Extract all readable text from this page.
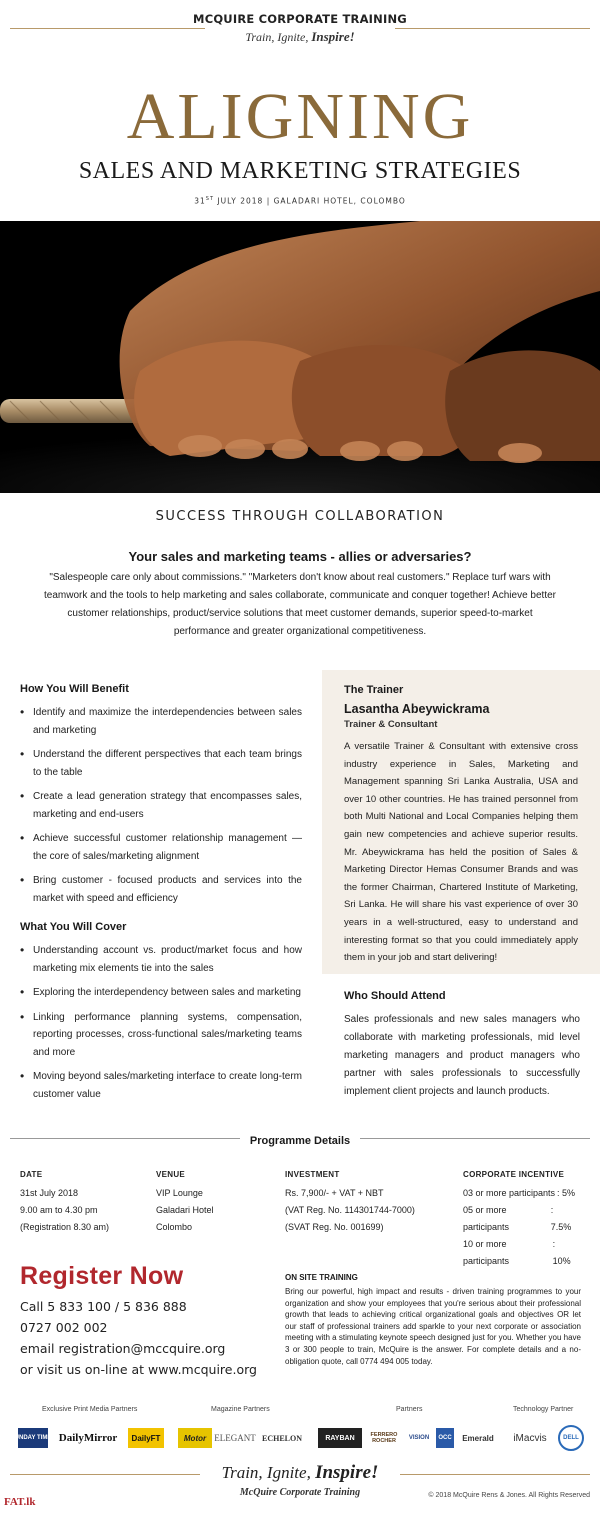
MCQUIRE CORPORATE TRAINING
Train, Ignite, Inspire!
ALIGNING
SALES AND MARKETING STRATEGIES
31ST JULY 2018 | GALADARI HOTEL, COLOMBO
SUCCESS THROUGH COLLABORATION
Your sales and marketing teams - allies or adversaries?
"Salespeople care only about commissions." "Marketers don't know about real customers." Replace turf wars with teamwork and the tools to help marketing and sales collaborate, communicate and conquer together! Achieve better customer relationships, product/service solutions that meet customer demands, superior speed-to-market performance and greater organizational competitiveness.
How You Will Benefit
• Identify and maximize the interdependencies between sales and marketing
• Understand the different perspectives that each team brings to the table
• Create a lead generation strategy that encompasses sales, marketing and end-users
• Achieve successful customer relationship management — the core of sales/marketing alignment
• Bring customer - focused products and services into the market with speed and efficiency
What You Will Cover
• Understanding account vs. product/market focus and how marketing mix elements tie into the sales
• Exploring the interdependency between sales and marketing
• Linking performance planning systems, compensation, reporting processes, cross-functional sales/marketing teams and more
• Moving beyond sales/marketing interface to create long-term customer value
The Trainer
Lasantha Abeywickrama
Trainer & Consultant
A versatile Trainer & Consultant with extensive cross industry experience in Sales, Marketing and Management spanning Sri Lanka Australia, USA and over 10 other countries. He has trained personnel from both Multi National and Local Companies helping them gain new competencies and achieve superior results. Mr. Abeywickrama has held the position of Sales & Marketing Director Hemas Consumer Brands and was the former Chairman, Chartered Institute of Marketing, Sri Lanka. He will share his vast experience of over 30 years in a well-structured, easy to understand and interesting format so that you could immediately apply them in your job and start delivering!
Who Should Attend

Sales professionals and new sales managers who collaborate with marketing professionals, mid level marketing managers and product managers who partner with sales professionals to successfully implement client projects and launch products.

Programme Details
DATE
31st July 2018
9.00 am to 4.30 pm
(Registration 8.30 am)
VENUE
VIP Lounge
Galadari Hotel
Colombo
INVESTMENT
Rs. 7,900/- + VAT + NBT
(VAT Reg. No. 114301744-7000)
(SVAT Reg. No. 001699)
CORPORATE INCENTIVE
03 or more participants : 5%
05 or more participants
: 7.5%
10 or more participants
: 10%
Register Now
Call 5 833 100 / 5 836 888
0727 002 002
email registration@mccquire.org
or visit us on-line at www.mcquire.org
ON SITE TRAINING

Bring our powerful, high impact and results - driven training programmes to your organization and show your employees that you're serious about their professional growth that leads to achieving critical organizational goals and objectives OR let our staff of professional trainers add sparkle to your next corporate or association meeting with a stimulating keynote speech designed just for you. Whether you have 3 or 300 people to train, McQuire is the answer. For complete details and a no-obligation quote, call 0774 494 005 today.

Exclusive Print Media Partners	Magazine Partners	Partners	Technology Partner
SUNDAY TIMES DailyMirror	DailyFT	Motor ELEGANT ECHELON	RAYBAN	FERRERO ROCHER	VISION	OCC	Emerald	iMacvis	DELL
Train, Ignite, Inspire!
McQuire Corporate Training	© 2018 McQuire Rens & Jones. All Rights Reserved
FAT.lk
